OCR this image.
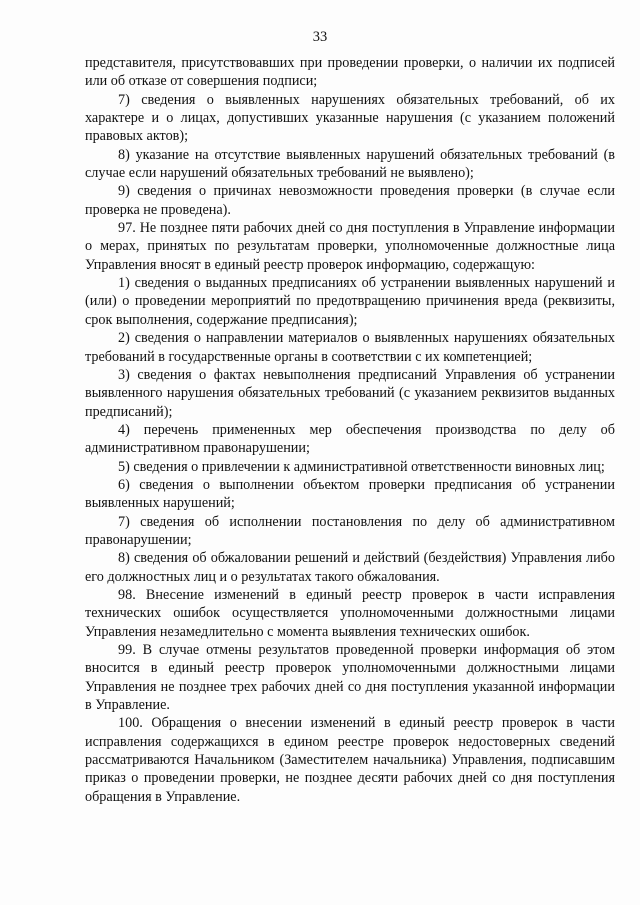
33

представителя, присутствовавших при проведении проверки, о наличии их подписей или об отказе от совершения подписи;

7) сведения о выявленных нарушениях обязательных требований, об их характере и о лицах, допустивших указанные нарушения (с указанием положений правовых актов);

8) указание на отсутствие выявленных нарушений обязательных требований (в случае если нарушений обязательных требований не выявлено);

9) сведения о причинах невозможности проведения проверки (в случае если проверка не проведена).

97. Не позднее пяти рабочих дней со дня поступления в Управление информации о мерах, принятых по результатам проверки, уполномоченные должностные лица Управления вносят в единый реестр проверок информацию, содержащую:

1) сведения о выданных предписаниях об устранении выявленных нарушений и (или) о проведении мероприятий по предотвращению причинения вреда (реквизиты, срок выполнения, содержание предписания);

2) сведения о направлении материалов о выявленных нарушениях обязательных требований в государственные органы в соответствии с их компетенцией;

3) сведения о фактах невыполнения предписаний Управления об устранении выявленного нарушения обязательных требований (с указанием реквизитов выданных предписаний);

4) перечень примененных мер обеспечения производства по делу об административном правонарушении;

5) сведения о привлечении к административной ответственности виновных лиц;

6) сведения о выполнении объектом проверки предписания об устранении выявленных нарушений;

7) сведения об исполнении постановления по делу об административном правонарушении;

8) сведения об обжаловании решений и действий (бездействия) Управления либо его должностных лиц и о результатах такого обжалования.

98. Внесение изменений в единый реестр проверок в части исправления технических ошибок осуществляется уполномоченными должностными лицами Управления незамедлительно с момента выявления технических ошибок.

99. В случае отмены результатов проведенной проверки информация об этом вносится в единый реестр проверок уполномоченными должностными лицами Управления не позднее трех рабочих дней со дня поступления указанной информации в Управление.

100. Обращения о внесении изменений в единый реестр проверок в части исправления содержащихся в едином реестре проверок недостоверных сведений рассматриваются Начальником (Заместителем начальника) Управления, подписавшим приказ о проведении проверки, не позднее десяти рабочих дней со дня поступления обращения в Управление.
